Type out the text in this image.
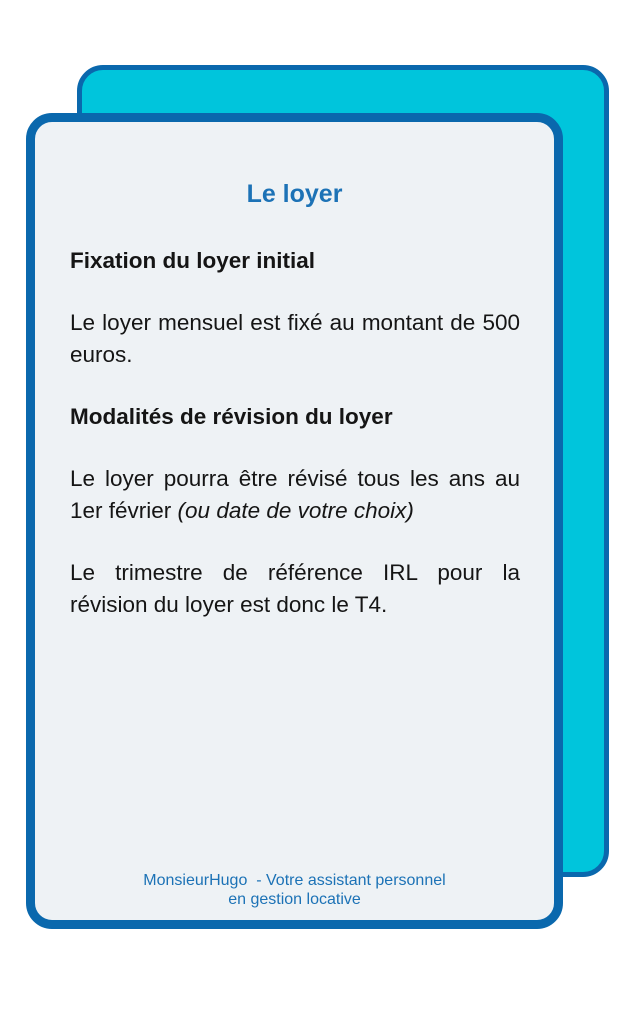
Le loyer
Fixation du loyer initial

Le loyer mensuel est fixé au montant de 500 euros.

Modalités de révision du loyer

Le loyer pourra être révisé tous les ans au 1er février (ou date de votre choix)

Le trimestre de référence IRL pour la révision du loyer est donc le T4.

MonsieurHugo  - Votre assistant personnel
en gestion locative
